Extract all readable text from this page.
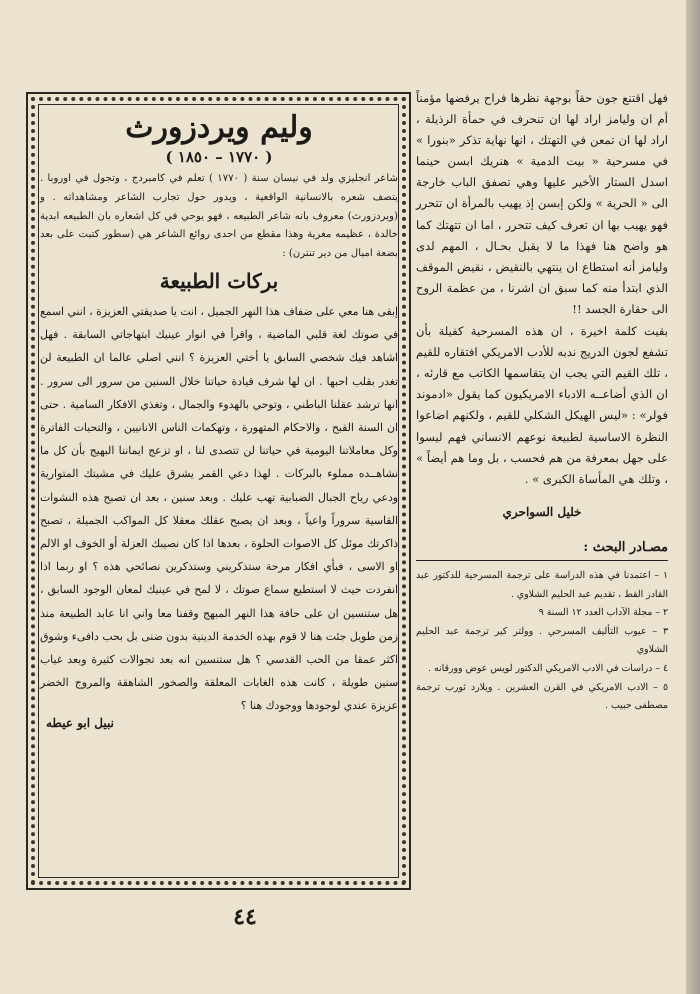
فهل اقتنع جون حقاً بوجهة نظرها فراح يرفضها مؤمناً أم ان وليامز اراد لها ان تنحرف في حمأة الرذيلة ، اراد لها ان تمعن في التهتك ، انها نهاية تذكر «بنورا » في مسرحية « بيت الدمية » هنريك ابسن حينما اسدل الستار الأخير عليها وهي تصفق الباب خارجة الى « الحرية » ولكن إبسن إذ يهيب بالمرأة ان تتحرر فهو يهيب بها ان تعرف كيف تتحرر ، اما ان تتهتك كما هو واضح هنا فهذا ما لا يقبل بحـال ، المهم لدى وليامز أنه استطاع ان ينتهي بالنقيض ، نقيض الموقف الذي ابتدأ منه كما سبق ان اشرنا ، من عظمة الروح الى حقارة الجسد !!

بقيت كلمة اخيرة ، ان هذه المسرحية كفيلة بأن تشفع لجون الدريج ندبه للأدب الامريكي افتقاره للقيم ، تلك القيم التي يجب ان يتقاسمها الكاتب مع قارئه ، ان الذي أضاعــه الادباء الامريكيون كما يقول «ادموند فولر» : «ليس الهيكل الشكلي للقيم ، ولكنهم اضاعوا النظرة الاساسية لطبيعة نوعهم الانساني فهم ليسوا على جهل بمعرفة من هم فحسب ، بل وما هم أيضاً » ، وتلك هي المأساة الكبرى » .

خليل السواحري
مصـادر البحث :

١ – اعتمدنا في هذه الدراسة على ترجمة المسرحية للدكتور عبد القادر القط ، تقديم عبد الحليم الشلاوي .

٢ – مجلة الآداب العدد ١٢ السنة ٩

٣ – عيوب التأليف المسرحي . وولتر كير ترجمة عبد الحليم الشلاوي

٤ – دراسات في الادب الامريكي الدكتور لويس عوض وورقانه .

٥ – الادب الامريكي في القرن العشرين . ويلارد ثورب ترجمة مصطفى حبيب .

وليم ويردزورث
( ١٧٧٠ – ١٨٥٠ )

شاعر انجليزي ولد في نيسان سنة ( ١٧٧٠ ) تعلم في كامبردج ، وتجول في اوروبا . يتصف شعره بالانسانية الواقعية ، ويدور حول تجارب الشاعر ومشاهداته . و (ويردزورث) معروف بانه شاعر الطبيعه ، فهو يوحي في كل اشعاره بان الطبيعه ابدية خالدة ، عظيمه مغرية وهذا مقطع من احدى روائع الشاعر هي (سطور كتبت على بعد بضعة اميال من دير تنترن) :

بركات الطبيعة

إبقى هنا معي على ضفاف هذا النهر الجميل ، انت يا صديقتي العزيزة ، انني اسمع في صوتك لغة قلبي الماضية ، واقرأ في انوار عينيك ابتهاجاتي السابقة . فهل اشاهد فيك شخصي السابق يا أختي العزيزة ؟ انني اصلي عالما ان الطبيعة لن تغدر بقلب احبها . ان لها شرف قيادة حياتنا خلال السنين من سرور الى سرور . انها ترشد عقلنا الباطني ، وتوحي بالهدوء والجمال ، وتغذي الافكار السامية . حتى ان السنة القبح ، والاحكام المتهورة ، وتهكمات الناس الانانيين ، والتحيات الفاترة وكل معاملاتنا اليومية في حياتنا لن تتصدى لنا ، او تزعج ايماننا البهيج بأن كل ما نشاهــده مملوء بالبركات . لهذا دعي القمر يشرق عليك في مشيتك المتوارية ودعي رياح الجبال الضبابية تهب عليك . وبعد سنين ، بعد ان تصبح هذه النشوات القاسية سروراً واعياً ، وبعد ان يصبح عقلك معقلا كل المواكب الجميلة ، تصبح ذاكرتك موئل كل الاصوات الحلوة ، بعدها اذا كان نصيبك العزلة أو الخوف او الالم او الاسى ، فبأي افكار مرحة ستذكريني وستذكرين نصائحي هذه ؟ او ربما اذا انفردت حيث لا استطيع سماع صوتك ، لا لمح في عينيك لمعان الوجود السابق ، هل ستنسين ان على حافة هذا النهر المبهج وقفنا معا واني انا عابد الطبيعة منذ زمن طويل جئت هنا لا قوم بهذه الخدمة الدينية بدون ضنى بل بحب دافىء وشوق اكثر عمقا من الحب القدسي ؟ هل ستنسين انه بعد تجوالات كثيرة وبعد غياب سنين طويلة ، كانت هذه الغابات المعلقة والصخور الشاهقة والمروج الخضر عزيزة عندي لوجودها ووجودك هنا ؟

نبيل ابو عيطه
٤٤
